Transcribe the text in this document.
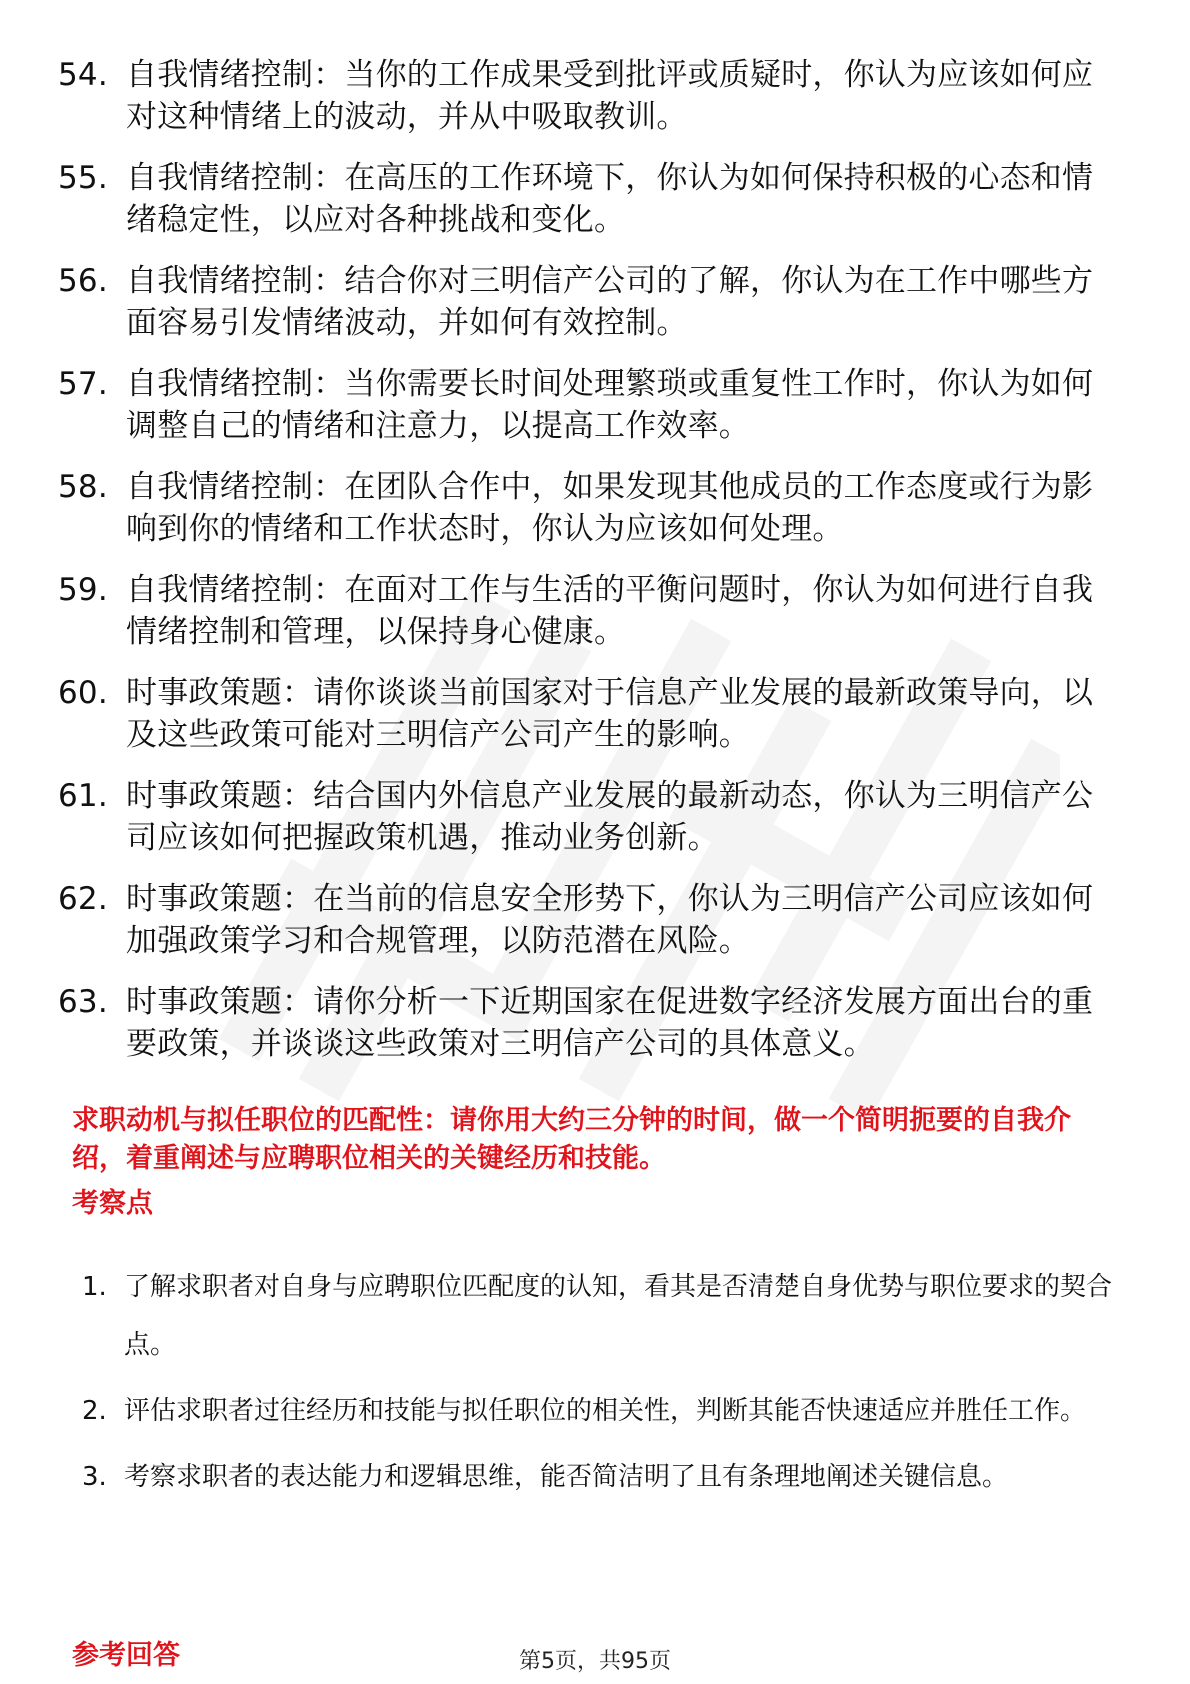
54. 自我情绪控制：当你的工作成果受到批评或质疑时，你认为应该如何应对这种情绪上的波动，并从中吸取教训。
55. 自我情绪控制：在高压的工作环境下，你认为如何保持积极的心态和情绪稳定性，以应对各种挑战和变化。
56. 自我情绪控制：结合你对三明信产公司的了解，你认为在工作中哪些方面容易引发情绪波动，并如何有效控制。
57. 自我情绪控制：当你需要长时间处理繁琐或重复性工作时，你认为如何调整自己的情绪和注意力，以提高工作效率。
58. 自我情绪控制：在团队合作中，如果发现其他成员的工作态度或行为影响到你的情绪和工作状态时，你认为应该如何处理。
59. 自我情绪控制：在面对工作与生活的平衡问题时，你认为如何进行自我情绪控制和管理，以保持身心健康。
60. 时事政策题：请你谈谈当前国家对于信息产业发展的最新政策导向，以及这些政策可能对三明信产公司产生的影响。
61. 时事政策题：结合国内外信息产业发展的最新动态，你认为三明信产公司应该如何把握政策机遇，推动业务创新。
62. 时事政策题：在当前的信息安全形势下，你认为三明信产公司应该如何加强政策学习和合规管理，以防范潜在风险。
63. 时事政策题：请你分析一下近期国家在促进数字经济发展方面出台的重要政策，并谈谈这些政策对三明信产公司的具体意义。

求职动机与拟任职位的匹配性：请你用大约三分钟的时间，做一个简明扼要的自我介绍，着重阐述与应聘职位相关的关键经历和技能。

考察点
1. 了解求职者对自身与应聘职位匹配度的认知，看其是否清楚自身优势与职位要求的契合点。
2. 评估求职者过往经历和技能与拟任职位的相关性，判断其能否快速适应并胜任工作。
3. 考察求职者的表达能力和逻辑思维，能否简洁明了且有条理地阐述关键信息。
参考回答	第5页，共95页
